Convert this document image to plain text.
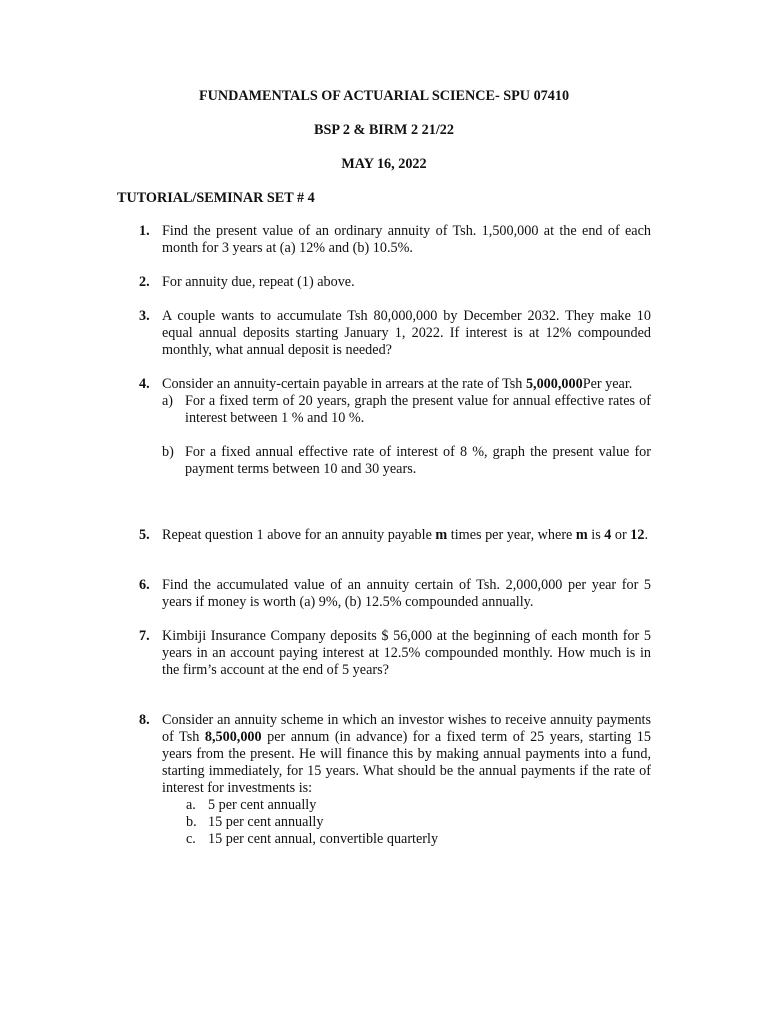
FUNDAMENTALS OF ACTUARIAL SCIENCE- SPU 07410
BSP 2 & BIRM 2 21/22
MAY 16, 2022
TUTORIAL/SEMINAR SET # 4
1. Find the present value of an ordinary annuity of Tsh. 1,500,000 at the end of each month for 3 years at (a) 12% and (b) 10.5%.
2. For annuity due, repeat (1) above.
3. A couple wants to accumulate Tsh 80,000,000 by December 2032. They make 10 equal annual deposits starting January 1, 2022. If interest is at 12% compounded monthly, what annual deposit is needed?
4. Consider an annuity-certain payable in arrears at the rate of Tsh 5,000,000Per year.
a) For a fixed term of 20 years, graph the present value for annual effective rates of interest between 1 % and 10 %.
b) For a fixed annual effective rate of interest of 8 %, graph the present value for payment terms between 10 and 30 years.
5. Repeat question 1 above for an annuity payable m times per year, where m is 4 or 12.
6. Find the accumulated value of an annuity certain of Tsh. 2,000,000 per year for 5 years if money is worth (a) 9%, (b) 12.5% compounded annually.
7. Kimbiji Insurance Company deposits $ 56,000 at the beginning of each month for 5 years in an account paying interest at 12.5% compounded monthly. How much is in the firm’s account at the end of 5 years?
8. Consider an annuity scheme in which an investor wishes to receive annuity payments of Tsh 8,500,000 per annum (in advance) for a fixed term of 25 years, starting 15 years from the present. He will finance this by making annual payments into a fund, starting immediately, for 15 years. What should be the annual payments if the rate of interest for investments is:
a. 5 per cent annually
b. 15 per cent annually
c. 15 per cent annual, convertible quarterly
